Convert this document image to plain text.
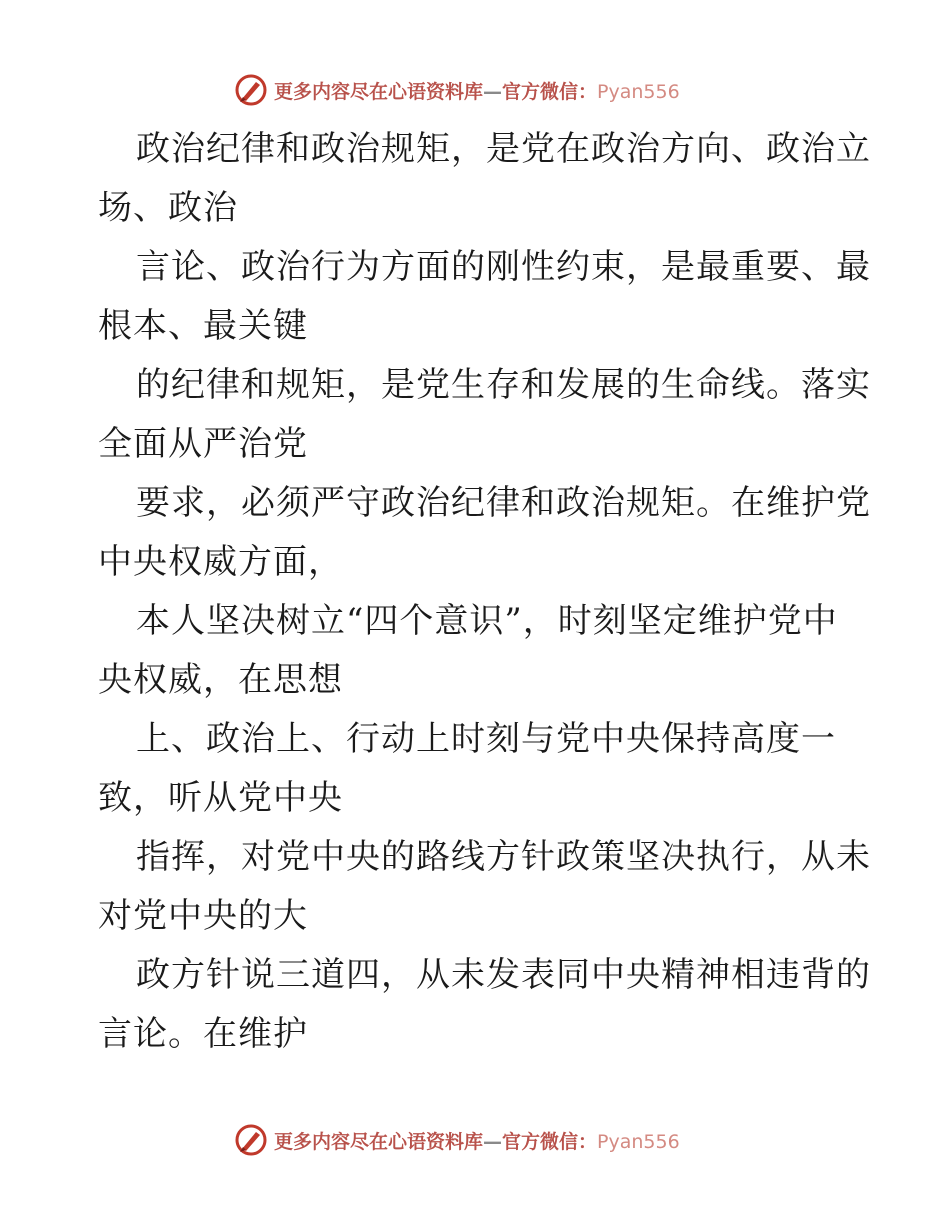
更多内容尽在心语资料库—官方微信：Pyan556

政治纪律和政治规矩，是党在政治方向、政治立
场、政治

言论、政治行为方面的刚性约束，是最重要、最
根本、最关键

的纪律和规矩，是党生存和发展的生命线。落实
全面从严治党

要求，必须严守政治纪律和政治规矩。在维护党
中央权威方面，

本人坚决树立“四个意识”，时刻坚定维护党中
央权威，在思想

上、政治上、行动上时刻与党中央保持高度一
致，听从党中央

指挥，对党中央的路线方针政策坚决执行，从未
对党中央的大

政方针说三道四，从未发表同中央精神相违背的
言论。在维护

更多内容尽在心语资料库—官方微信：Pyan556
